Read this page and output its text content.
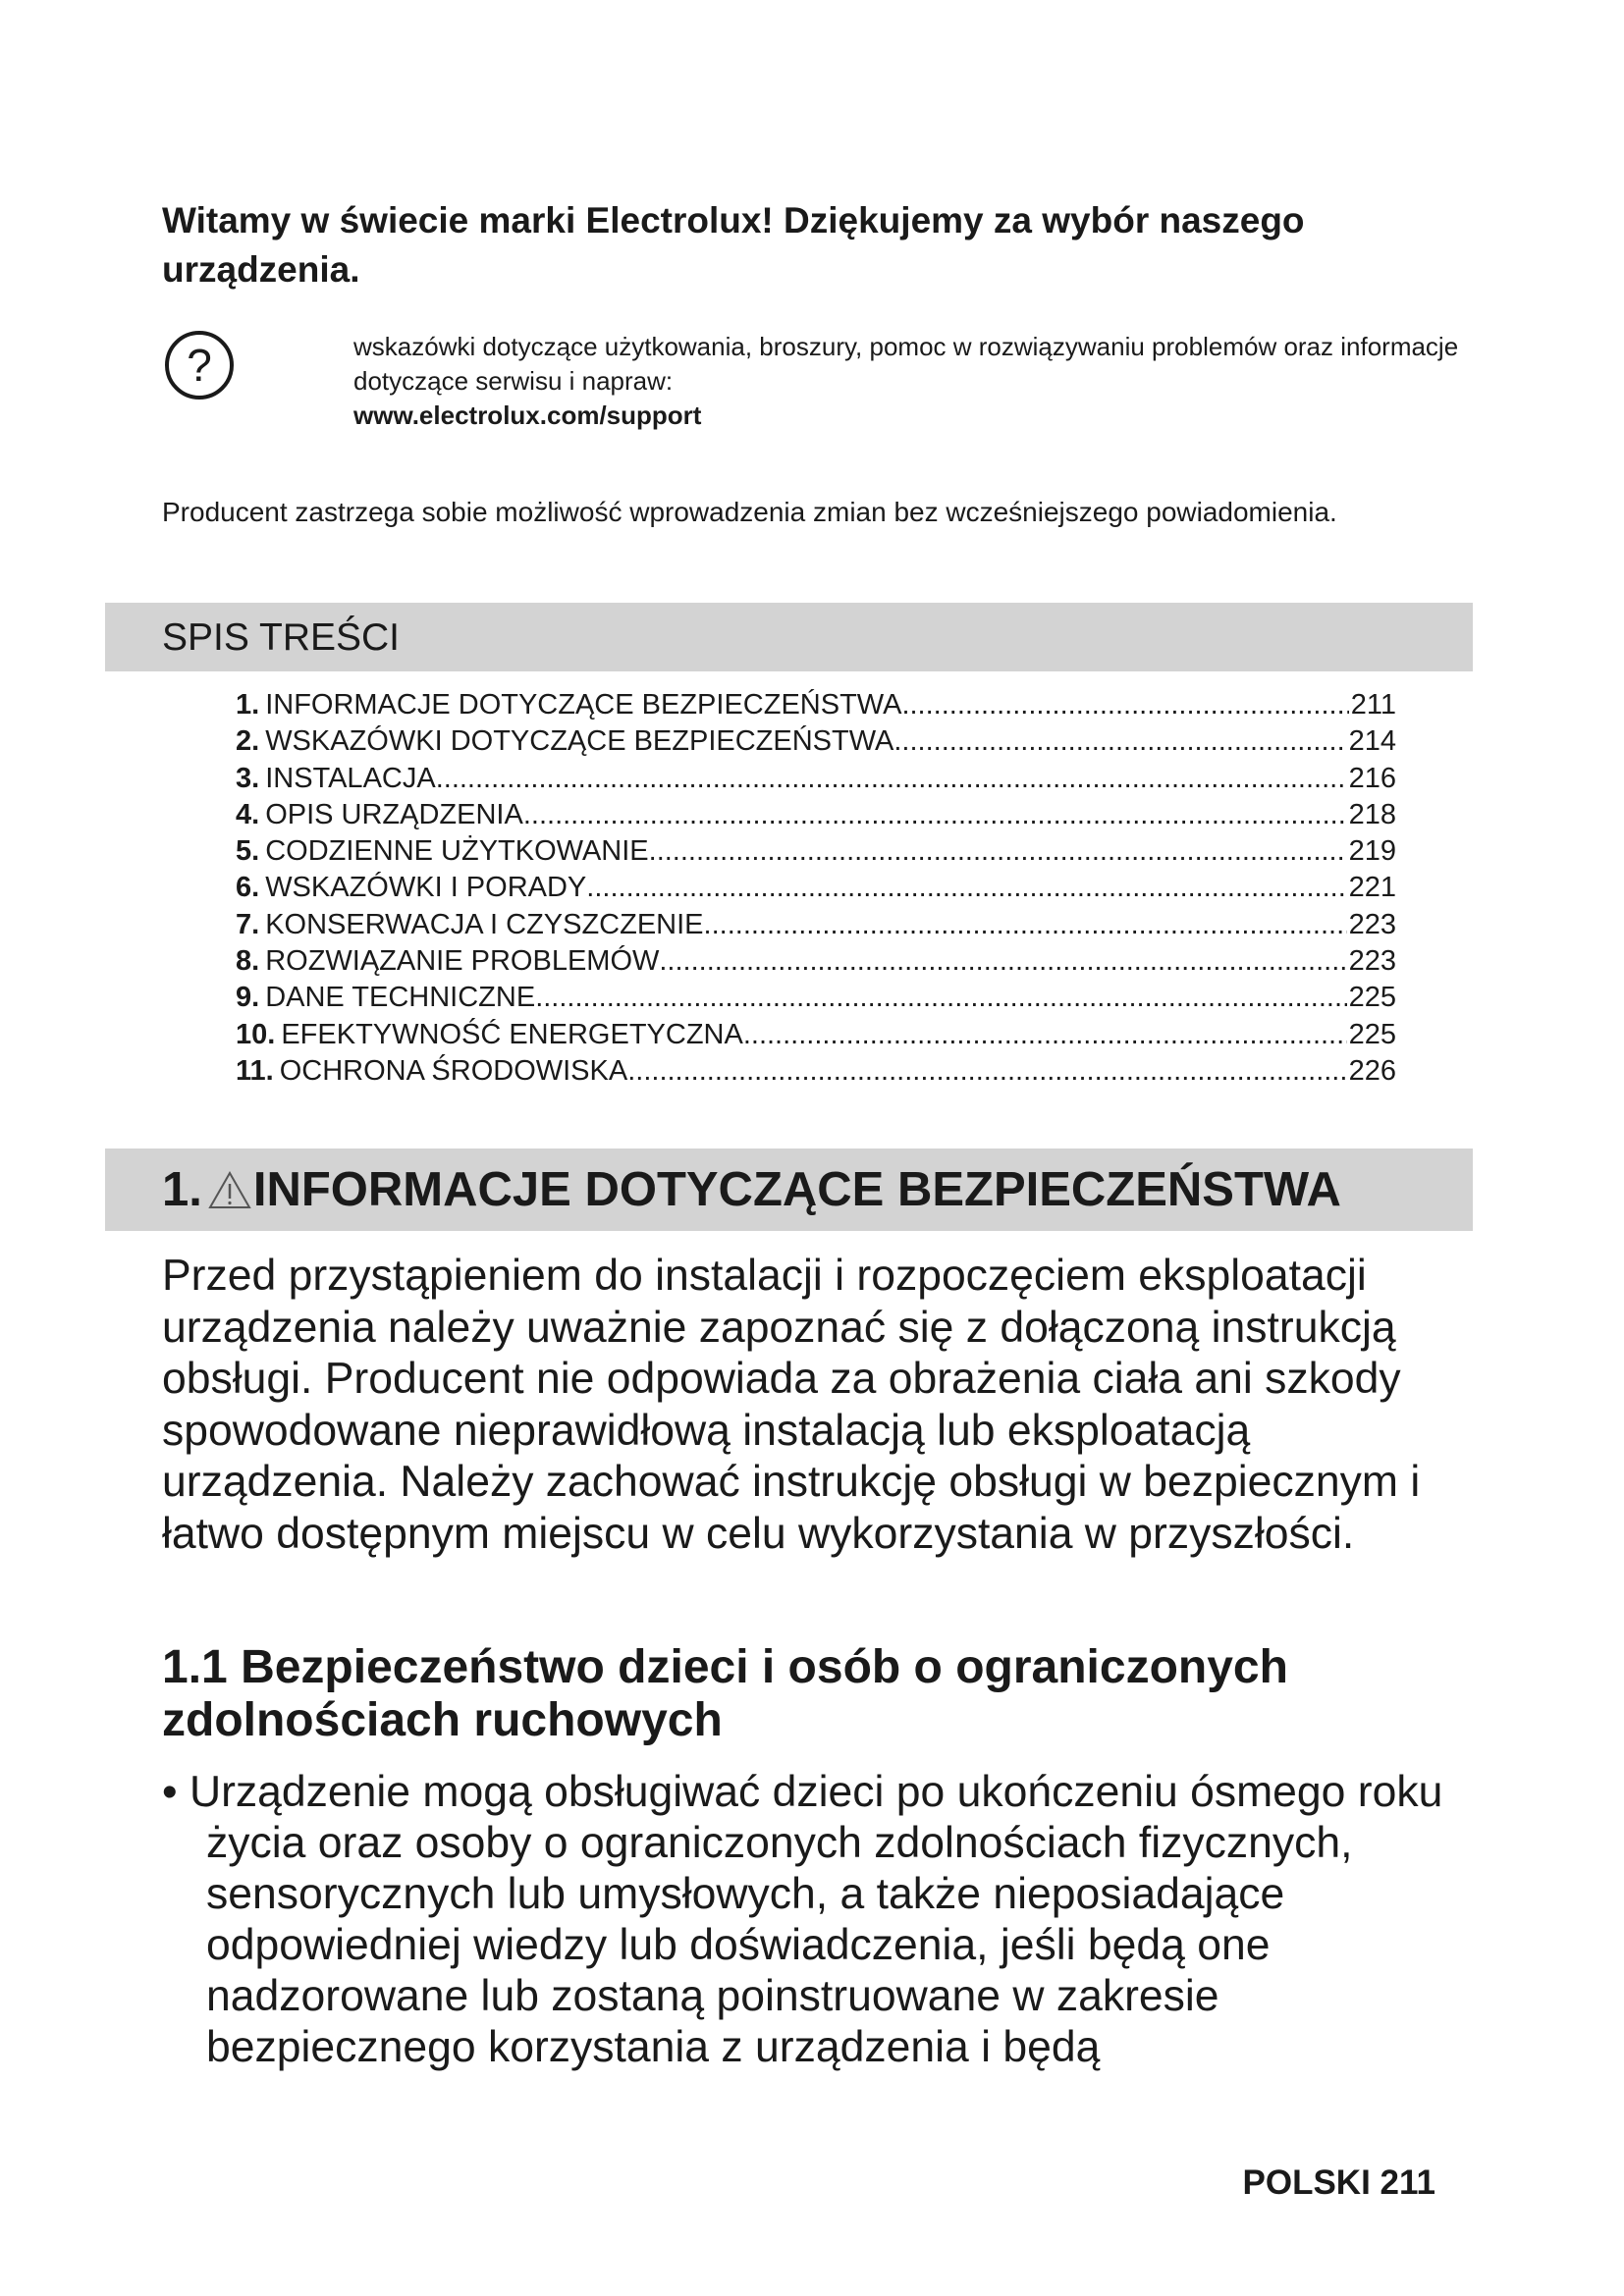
Witamy w świecie marki Electrolux! Dziękujemy za wybór naszego urządzenia.
?	wskazówki dotyczące użytkowania, broszury, pomoc w rozwiązywaniu problemów oraz informacje dotyczące serwisu i napraw:
www.electrolux.com/support
Producent zastrzega sobie możliwość wprowadzenia zmian bez wcześniejszego powiadomienia.
SPIS TREŚCI
1. INFORMACJE DOTYCZĄCE BEZPIECZEŃSTWA .....	211
2. WSKAZÓWKI DOTYCZĄCE BEZPIECZEŃSTWA .....	214
3. INSTALACJA .....	216
4. OPIS URZĄDZENIA .....	218
5. CODZIENNE UŻYTKOWANIE .....	219
6. WSKAZÓWKI I PORADY .....	221
7. KONSERWACJA I CZYSZCZENIE .....	223
8. ROZWIĄZANIE PROBLEMÓW .....	223
9. DANE TECHNICZNE .....	225
10. EFEKTYWNOŚĆ ENERGETYCZNA .....	225
11. OCHRONA ŚRODOWISKA .....	226
1. INFORMACJE DOTYCZĄCE BEZPIECZEŃSTWA
Przed przystąpieniem do instalacji i rozpoczęciem eksploatacji urządzenia należy uważnie zapoznać się z dołączoną instrukcją obsługi. Producent nie odpowiada za obrażenia ciała ani szkody spowodowane nieprawidłową instalacją lub eksploatacją urządzenia. Należy zachować instrukcję obsługi w bezpiecznym i łatwo dostępnym miejscu w celu wykorzystania w przyszłości.
1.1 Bezpieczeństwo dzieci i osób o ograniczonych zdolnościach ruchowych
• Urządzenie mogą obsługiwać dzieci po ukończeniu ósmego roku życia oraz osoby o ograniczonych zdolnościach fizycznych, sensorycznych lub umysłowych, a także nieposiadające odpowiedniej wiedzy lub doświadczenia, jeśli będą one nadzorowane lub zostaną poinstruowane w zakresie bezpiecznego korzystania z urządzenia i będą
POLSKI 211
